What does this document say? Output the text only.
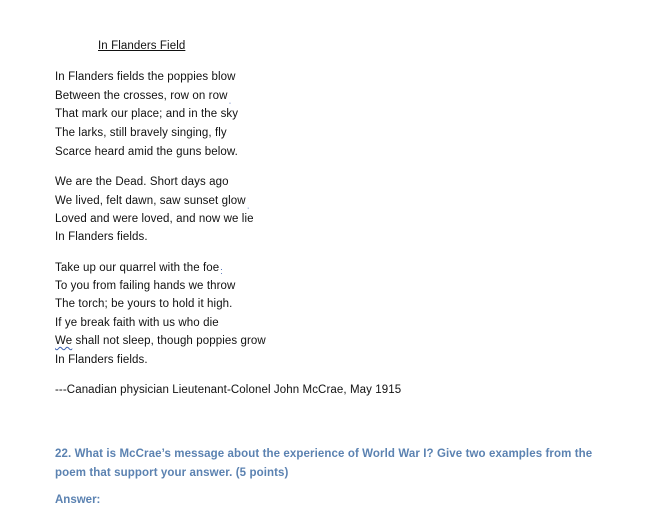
In Flanders Field
In Flanders fields the poppies blow
Between the crosses, row on row$_ˌ$
That mark our place; and in the sky
The larks, still bravely singing, fly
Scarce heard amid the guns below.
We are the Dead. Short days ago
We lived, felt dawn, saw sunset glow$_ˌ$
Loved and were loved, and now we lie
In Flanders fields.
Take up our quarrel with the foe$_:$
To you from failing hands we throw
The torch; be yours to hold it high.
If ye break faith with us who die
We shall not sleep, though poppies grow
In Flanders fields.
---Canadian physician Lieutenant-Colonel John McCrae, May 1915
22. What is McCrae’s message about the experience of World War I? Give two examples from the poem that support your answer. (5 points)
Answer:
